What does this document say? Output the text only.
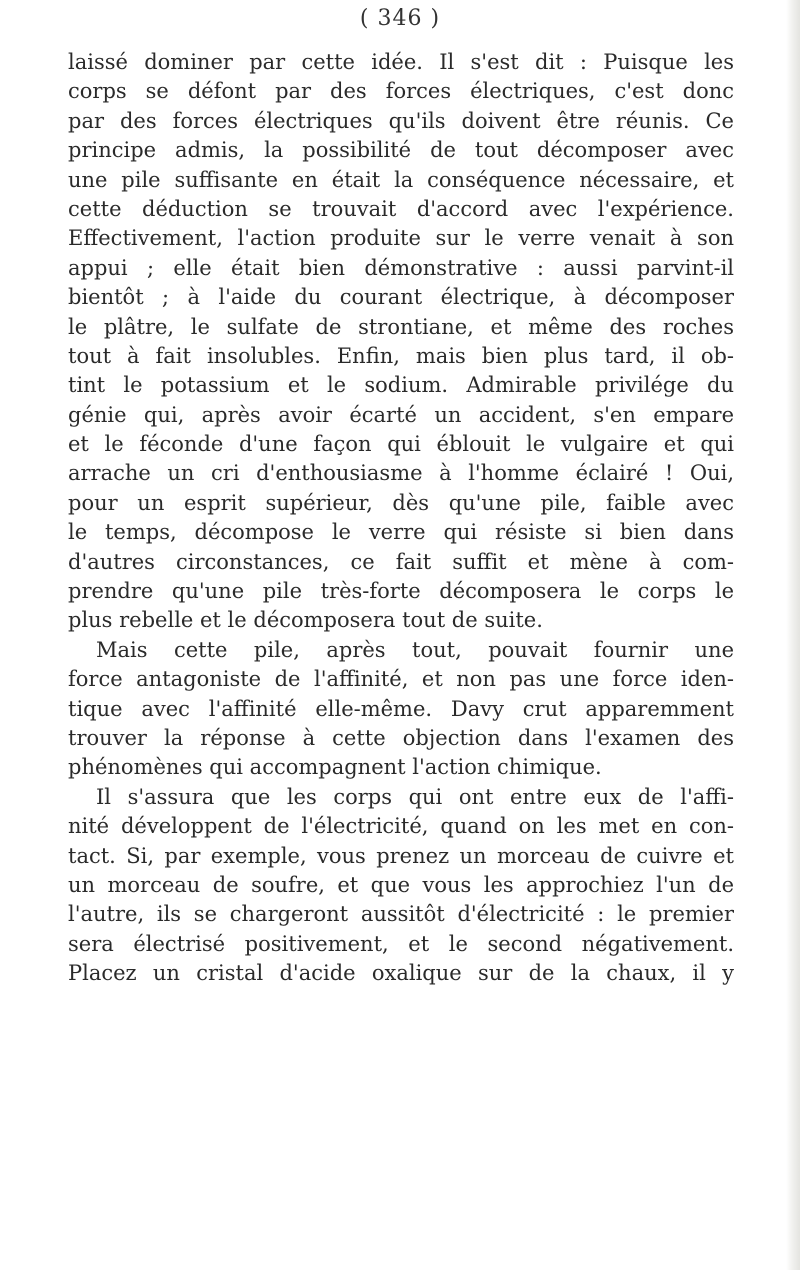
( 346 )
laissé dominer par cette idée. Il s'est dit : Puisque les
corps se défont par des forces électriques, c'est donc
par des forces électriques qu'ils doivent être réunis. Ce
principe admis, la possibilité de tout décomposer avec
une pile suffisante en était la conséquence nécessaire, et
cette déduction se trouvait d'accord avec l'expérience.
Effectivement, l'action produite sur le verre venait à son
appui ; elle était bien démonstrative : aussi parvint-il
bientôt ; à l'aide du courant électrique, à décomposer
le plâtre, le sulfate de strontiane, et même des roches
tout à fait insolubles. Enfin, mais bien plus tard, il ob-
tint le potassium et le sodium. Admirable privilége du
génie qui, après avoir écarté un accident, s'en empare
et le féconde d'une façon qui éblouit le vulgaire et qui
arrache un cri d'enthousiasme à l'homme éclairé ! Oui,
pour un esprit supérieur, dès qu'une pile, faible avec
le temps, décompose le verre qui résiste si bien dans
d'autres circonstances, ce fait suffit et mène à com-
prendre qu'une pile très-forte décomposera le corps le
plus rebelle et le décomposera tout de suite.
Mais cette pile, après tout, pouvait fournir une
force antagoniste de l'affinité, et non pas une force iden-
tique avec l'affinité elle-même. Davy crut apparemment
trouver la réponse à cette objection dans l'examen des
phénomènes qui accompagnent l'action chimique.
Il s'assura que les corps qui ont entre eux de l'affi-
nité développent de l'électricité, quand on les met en con-
tact. Si, par exemple, vous prenez un morceau de cuivre et
un morceau de soufre, et que vous les approchiez l'un de
l'autre, ils se chargeront aussitôt d'électricité : le premier
sera électrisé positivement, et le second négativement.
Placez un cristal d'acide oxalique sur de la chaux, il y
